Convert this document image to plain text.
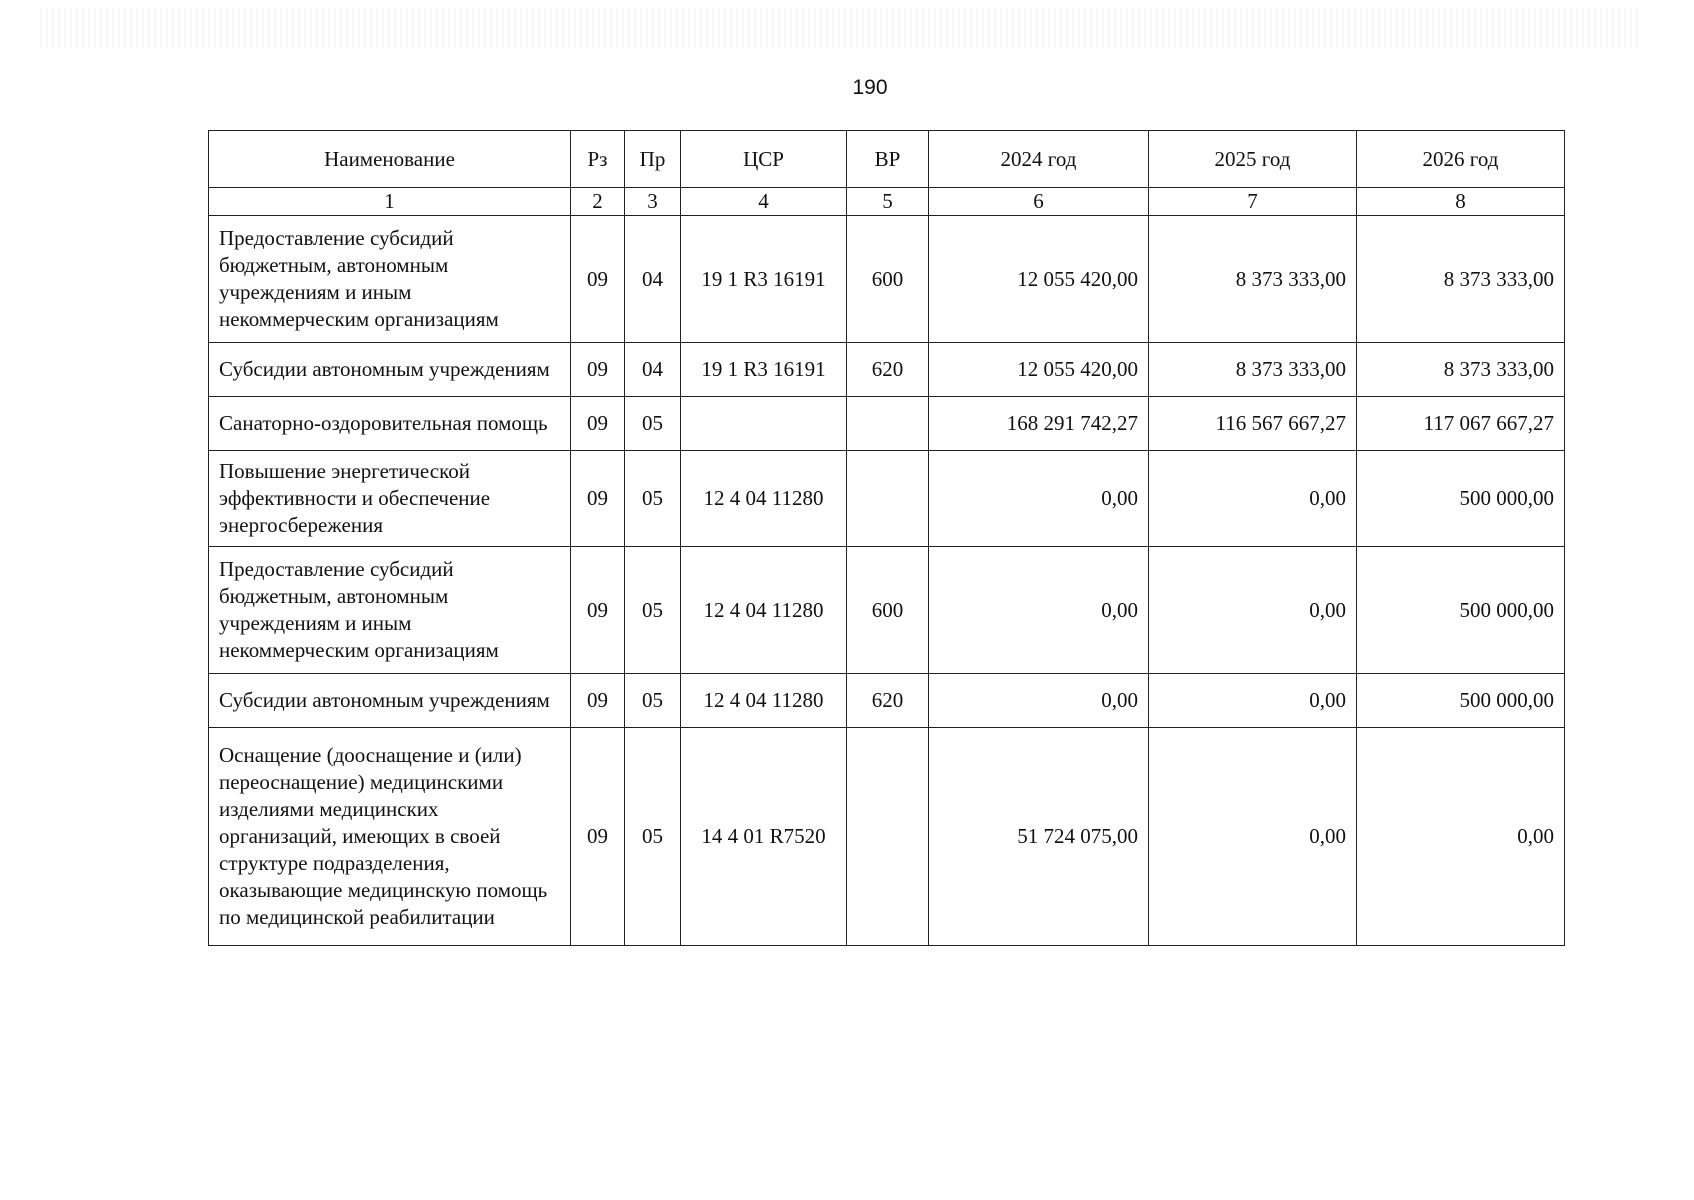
190
Наименование	Рз	Пр	ЦСР	ВР	2024 год	2025 год	2026 год
1	2	3	4	5	6	7	8
Предоставление субсидий бюджетным, автономным учреждениям и иным некоммерческим организациям	09	04	19 1 R3 16191	600	12 055 420,00	8 373 333,00	8 373 333,00
Субсидии автономным учреждениям	09	04	19 1 R3 16191	620	12 055 420,00	8 373 333,00	8 373 333,00
Санаторно-оздоровительная помощь	09	05			168 291 742,27	116 567 667,27	117 067 667,27
Повышение энергетической эффективности и обеспечение энергосбережения	09	05	12 4 04 11280		0,00	0,00	500 000,00
Предоставление субсидий бюджетным, автономным учреждениям и иным некоммерческим организациям	09	05	12 4 04 11280	600	0,00	0,00	500 000,00
Субсидии автономным учреждениям	09	05	12 4 04 11280	620	0,00	0,00	500 000,00
Оснащение (дооснащение и (или) переоснащение) медицинскими изделиями медицинских организаций, имеющих в своей структуре подразделения, оказывающие медицинскую помощь по медицинской реабилитации	09	05	14 4 01 R7520		51 724 075,00	0,00	0,00
